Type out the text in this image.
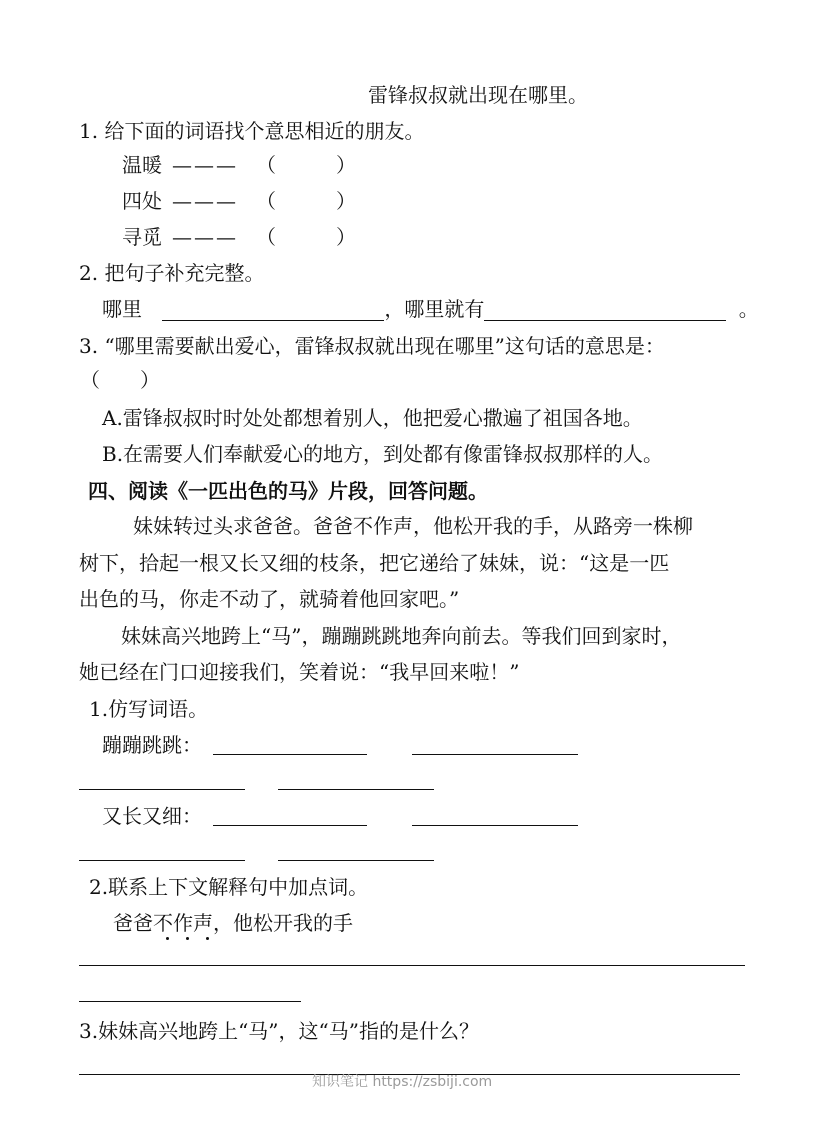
雷锋叔叔就出现在哪里。
1. 给下面的词语找个意思相近的朋友。
温暖 ——— （　　　）
四处 ——— （　　　）
寻觅 ——— （　　　）
2. 把句子补充完整。
哪里	，哪里就有	。
3. “哪里需要献出爱心，雷锋叔叔就出现在哪里”这句话的意思是：
（　　）
A.雷锋叔叔时时处处都想着别人，他把爱心撒遍了祖国各地。
B.在需要人们奉献爱心的地方，到处都有像雷锋叔叔那样的人。
四、阅读《一匹出色的马》片段，回答问题。
妹妹转过头求爸爸。爸爸不作声，他松开我的手，从路旁一株柳
树下，拾起一根又长又细的枝条，把它递给了妹妹，说：“这是一匹
出色的马，你走不动了，就骑着他回家吧。”
妹妹高兴地跨上“马”，蹦蹦跳跳地奔向前去。等我们回到家时，
她已经在门口迎接我们，笑着说：“我早回来啦！”
1.仿写词语。
蹦蹦跳跳：
又长又细：
2.联系上下文解释句中加点词。
爸爸不作声，他松开我的手
3.妹妹高兴地跨上“马”，这“马”指的是什么？
知识笔记 https://zsbiji.com
